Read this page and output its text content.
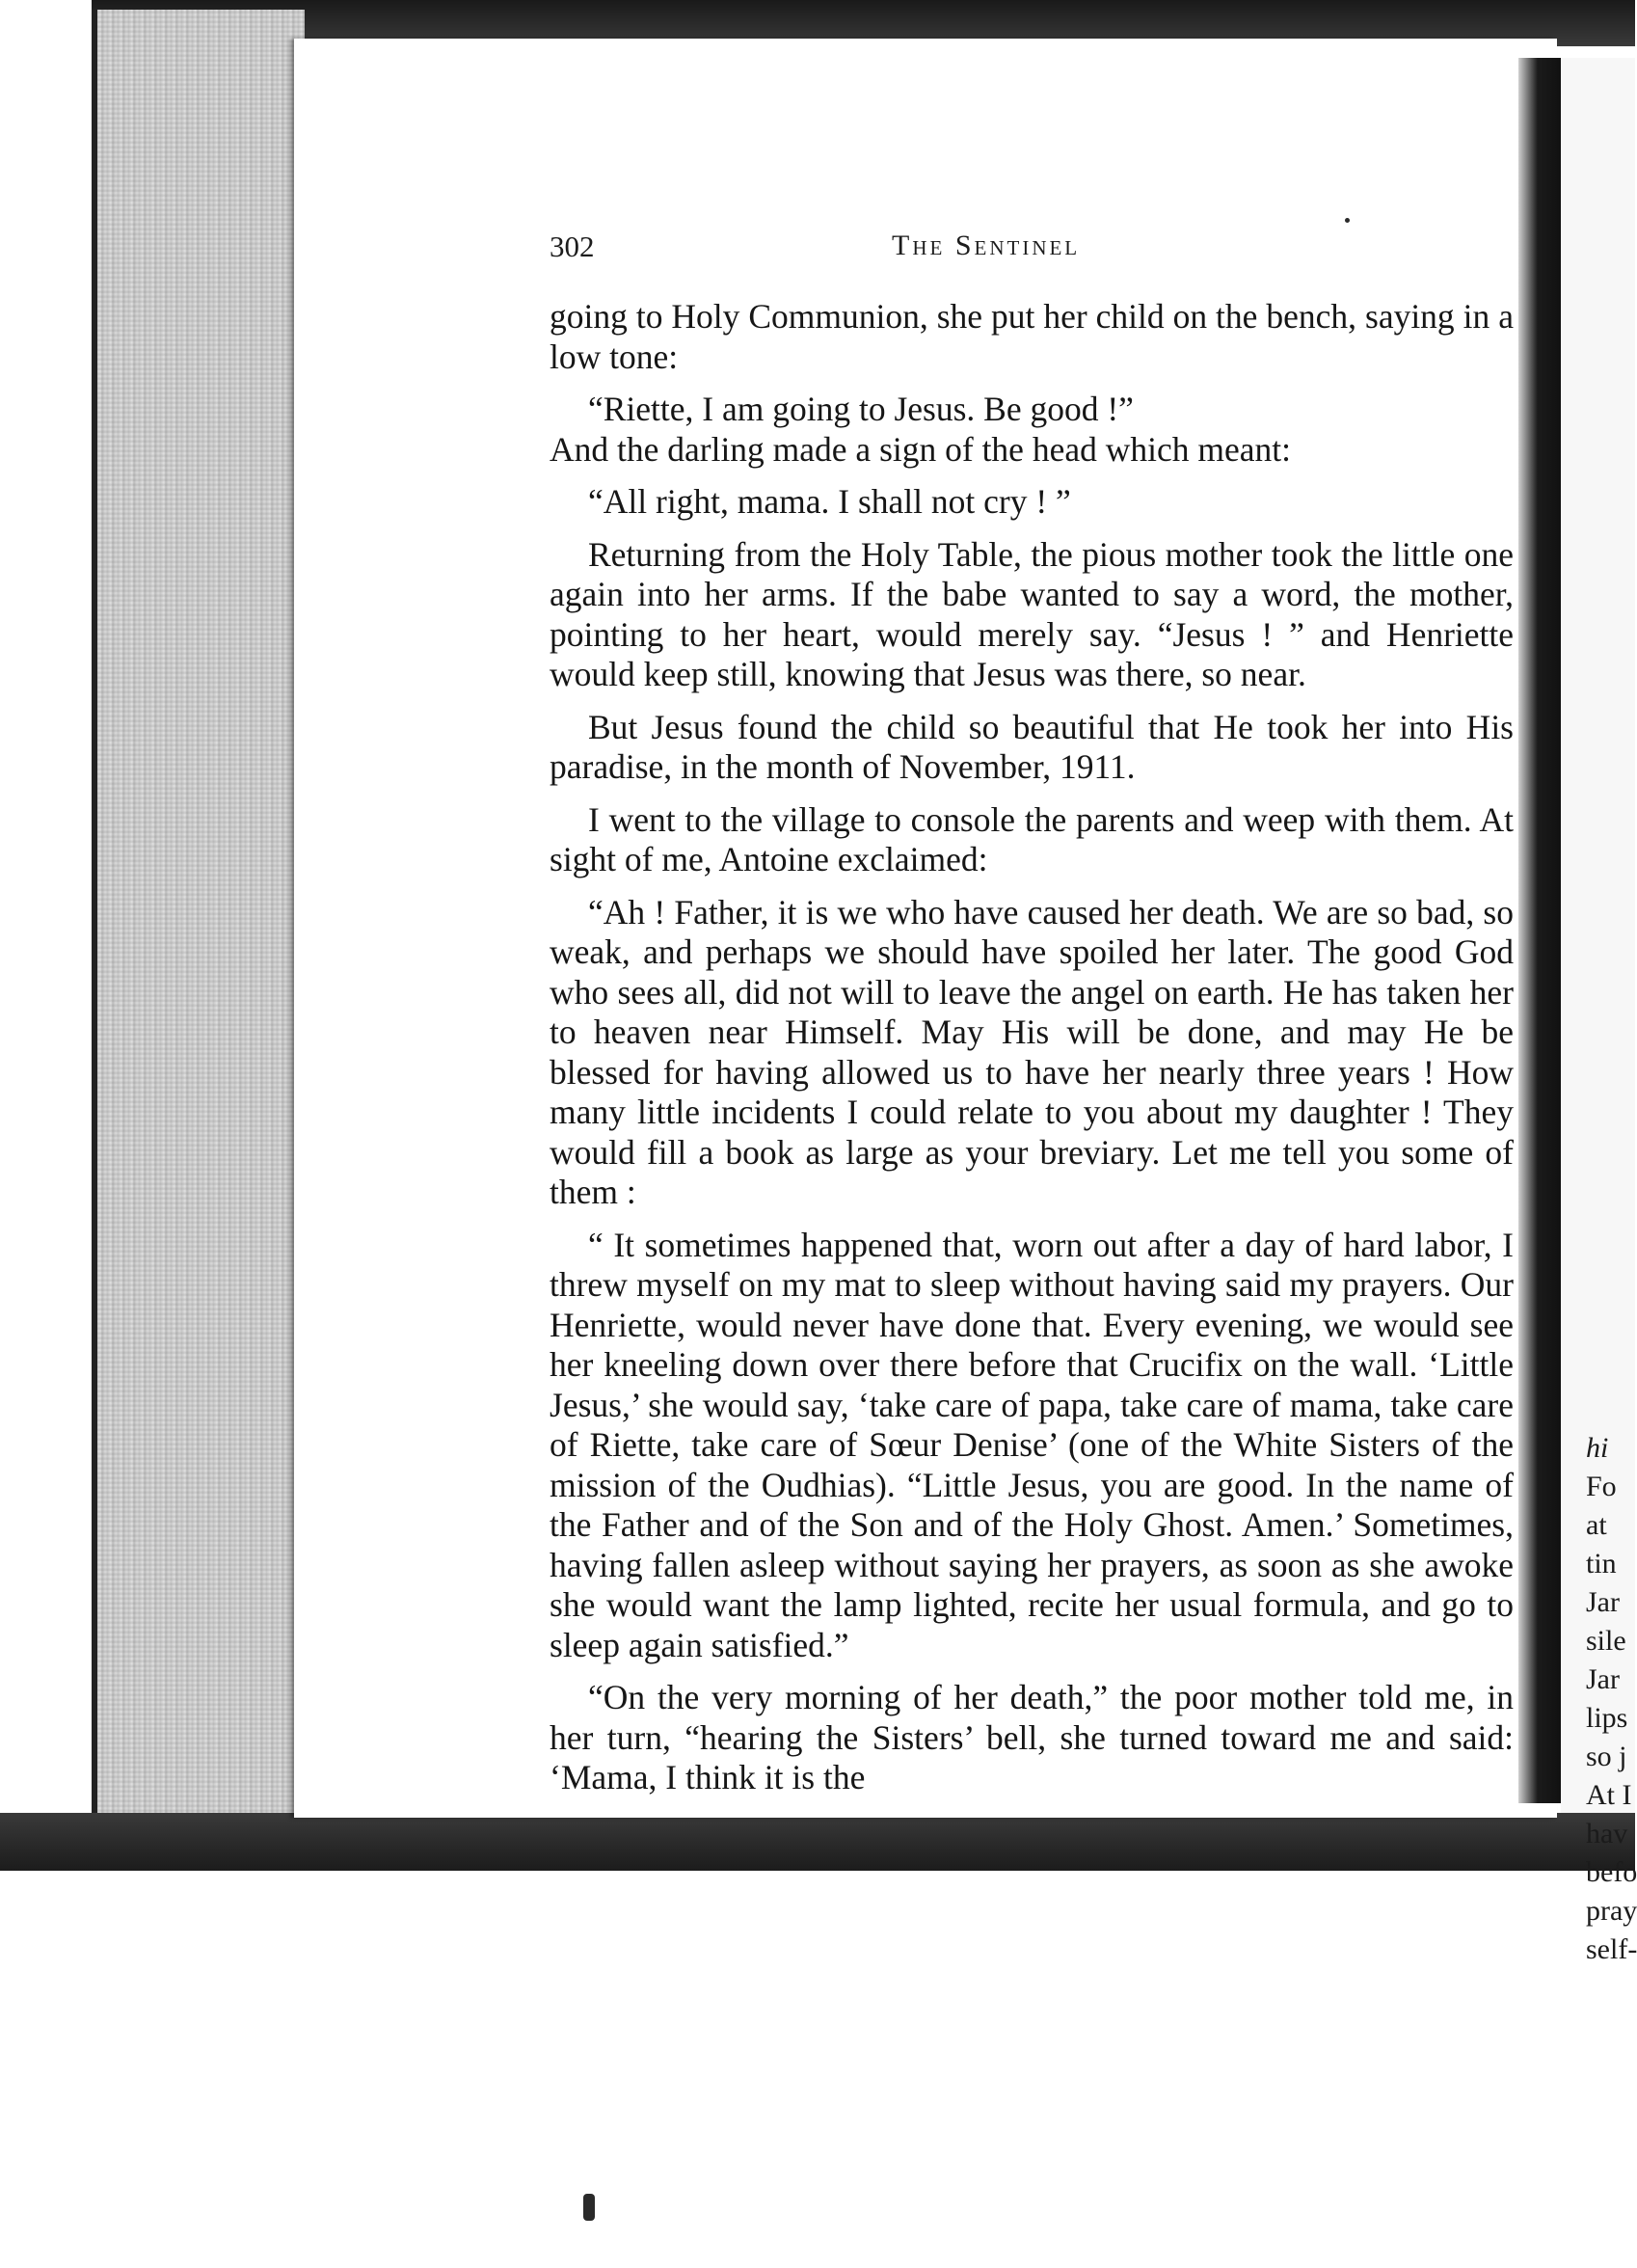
hi
Fo
at
tin
Jar
sile
Jar
lips
so j
At I
hav
befo
pray
self-
302	The Sentinel

going to Holy Communion, she put her child on the bench, saying in a low tone:

“Riette, I am going to Jesus. Be good !”

And the darling made a sign of the head which meant:

“All right, mama. I shall not cry ! ”

Returning from the Holy Table, the pious mother took the little one again into her arms. If the babe wanted to say a word, the mother, pointing to her heart, would merely say. “Jesus ! ” and Henriette would keep still, knowing that Jesus was there, so near.

But Jesus found the child so beautiful that He took her into His paradise, in the month of November, 1911.

I went to the village to console the parents and weep with them. At sight of me, Antoine exclaimed:

“Ah ! Father, it is we who have caused her death. We are so bad, so weak, and perhaps we should have spoiled her later. The good God who sees all, did not will to leave the angel on earth. He has taken her to heaven near Himself. May His will be done, and may He be blessed for having allowed us to have her nearly three years ! How many little incidents I could relate to you about my daughter ! They would fill a book as large as your breviary. Let me tell you some of them :

“ It sometimes happened that, worn out after a day of hard labor, I threw myself on my mat to sleep without having said my prayers. Our Henriette, would never have done that. Every evening, we would see her kneeling down over there before that Crucifix on the wall. ‘Little Jesus,’ she would say, ‘take care of papa, take care of mama, take care of Riette, take care of Sœur Denise’ (one of the White Sisters of the mission of the Oudhias). “Little Jesus, you are good. In the name of the Father and of the Son and of the Holy Ghost. Amen.’ Sometimes, having fallen asleep without saying her prayers, as soon as she awoke she would want the lamp lighted, recite her usual formula, and go to sleep again satisfied.”

“On the very morning of her death,” the poor mother told me, in her turn, “hearing the Sisters’ bell, she turned toward me and said: ‘Mama, I think it is the
